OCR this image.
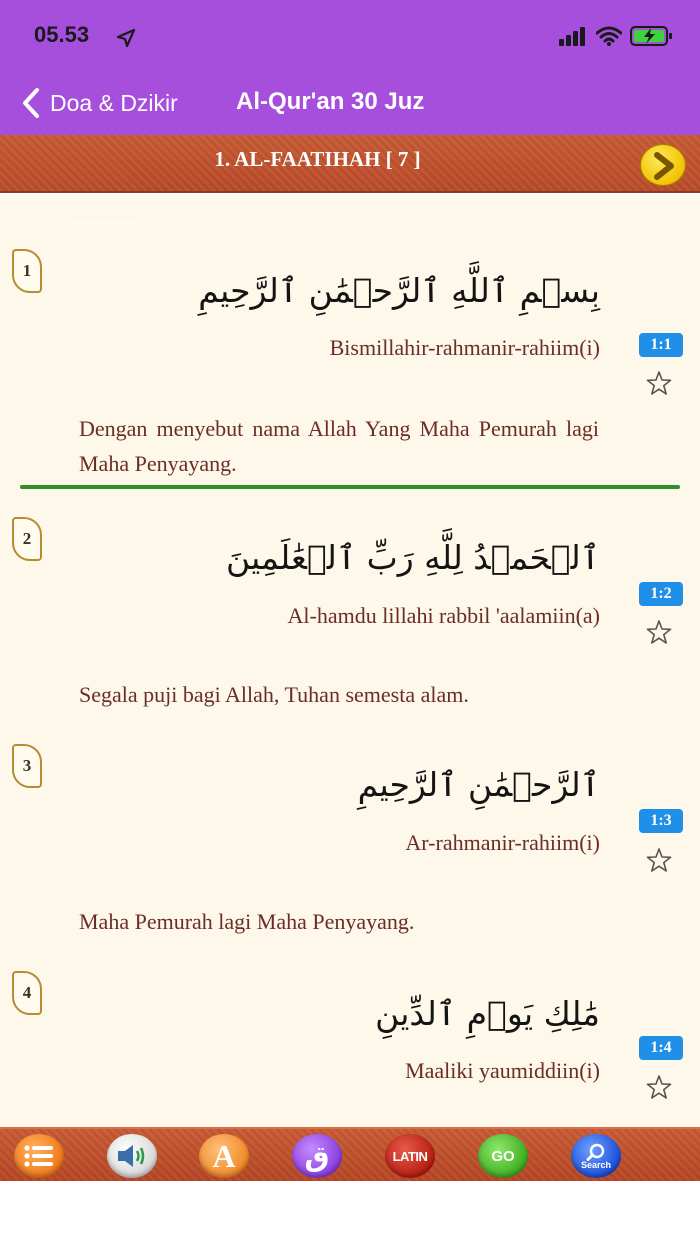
05.53
Doa & Dzikir Al-Qur'an 30 Juz
1. AL-FAATIHAH [ 7 ]
1
بِسۡمِ ٱللَّهِ ٱلرَّحۡمَٰنِ ٱلرَّحِيمِ
Bismillahir-rahmanir-rahiim(i)	1:1
Dengan menyebut nama Allah Yang Maha Pemurah lagi Maha Penyayang.
2	ٱلۡحَمۡدُ لِلَّهِ رَبِّ ٱلۡعَٰلَمِينَ
Al-hamdu lillahi rabbil 'aalamiin(a)
1:2
Segala puji bagi Allah, Tuhan semesta alam.
3	ٱلرَّحۡمَٰنِ ٱلرَّحِيمِ
Ar-rahmanir-rahiim(i)
1:3
Maha Pemurah lagi Maha Penyayang.
4
مَٰلِكِ يَوۡمِ ٱلدِّينِ
Maaliki yaumiddiin(i)
1:4
A ق	LATIN	GO	Search
